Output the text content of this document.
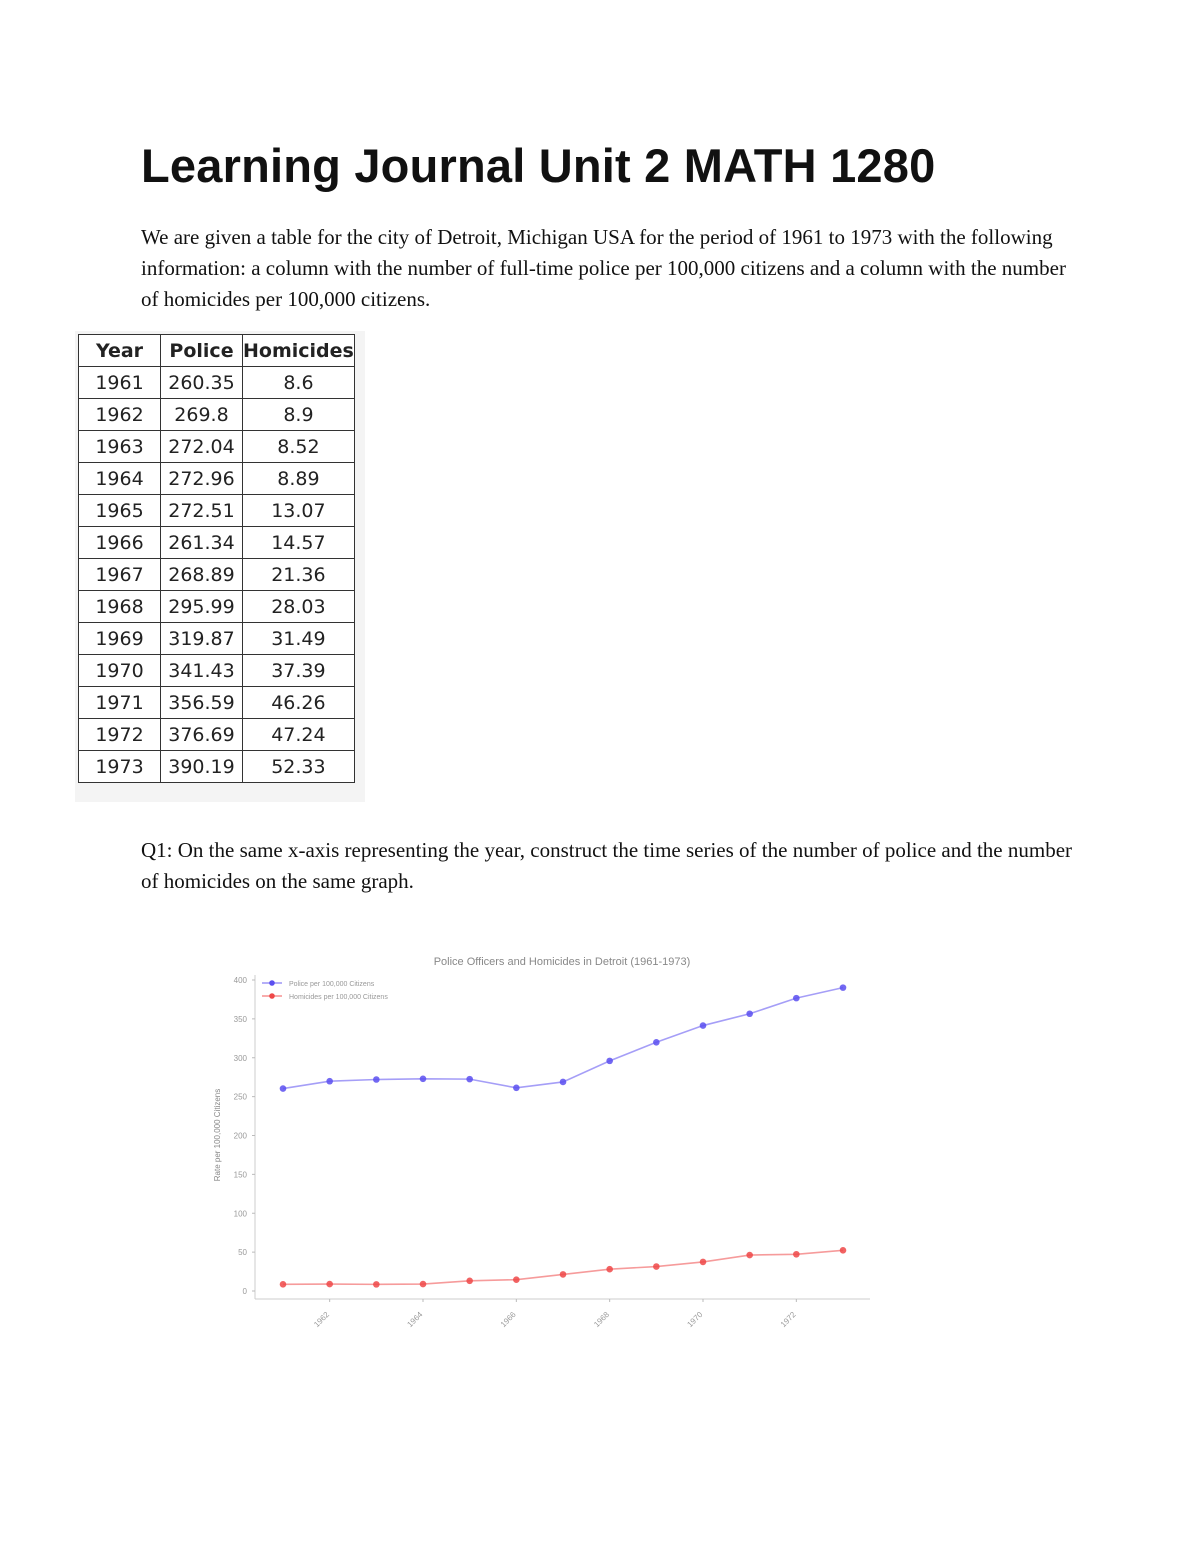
Learning Journal Unit 2 MATH 1280

We are given a table for the city of Detroit, Michigan USA for the period of 1961 to 1973 with the following information: a column with the number of full-time police per 100,000 citizens and a column with the number of homicides per 100,000 citizens.

Year	Police	Homicides
1961	260.35	8.6
1962	269.8	8.9
1963	272.04	8.52
1964	272.96	8.89
1965	272.51	13.07
1966	261.34	14.57
1967	268.89	21.36
1968	295.99	28.03
1969	319.87	31.49
1970	341.43	37.39
1971	356.59	46.26
1972	376.69	47.24
1973	390.19	52.33

Q1: On the same x-axis representing the year, construct the time series of the number of police and the number of homicides on the same graph.

Police Officers and Homicides in Detroit (1961-1973)
Rate per 100,000 Citizens
0
50
100
150
200
250
300
350
400
1962	1964	1966	1968	1970	1972
Police per 100,000 Citizens
Homicides per 100,000 Citizens
